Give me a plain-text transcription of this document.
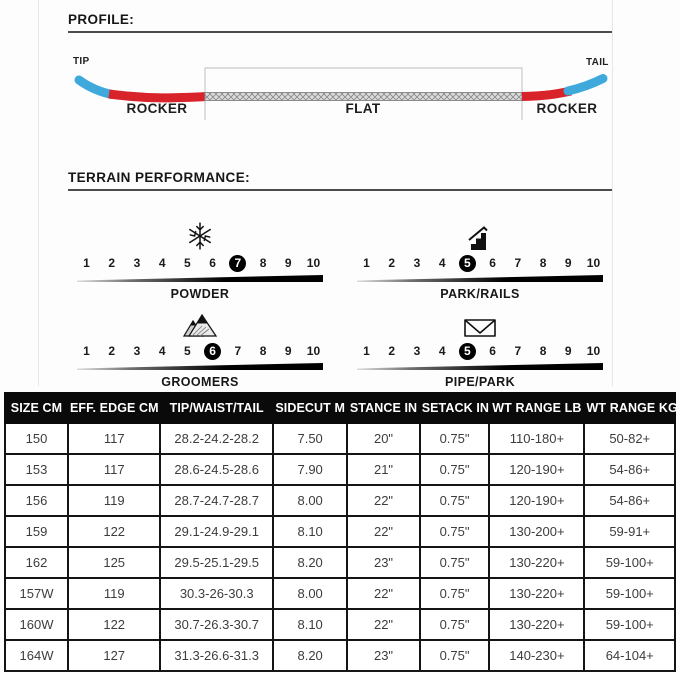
PROFILE:
TIP	TAIL
ROCKER	FLAT	ROCKER
TERRAIN PERFORMANCE:
1	2	3	4	5	6	7	8	9	10
POWDER
1	2	3	4	5	6	7	8	9	10
PARK/RAILS
1	2	3	4	5	6	7	8	9	10
GROOMERS
1	2	3	4	5	6	7	8	9	10
PIPE/PARK
SIZE CM	EFF. EDGE CM	TIP/WAIST/TAIL	SIDECUT M	STANCE IN	SETACK IN	WT RANGE LB	WT RANGE KG
150	117	28.2-24.2-28.2	7.50	20"	0.75"	110-180+	50-82+
153	117	28.6-24.5-28.6	7.90	21"	0.75"	120-190+	54-86+
156	119	28.7-24.7-28.7	8.00	22"	0.75"	120-190+	54-86+
159	122	29.1-24.9-29.1	8.10	22"	0.75"	130-200+	59-91+
162	125	29.5-25.1-29.5	8.20	23"	0.75"	130-220+	59-100+
157W	119	30.3-26-30.3	8.00	22"	0.75"	130-220+	59-100+
160W	122	30.7-26.3-30.7	8.10	22"	0.75"	130-220+	59-100+
164W	127	31.3-26.6-31.3	8.20	23"	0.75"	140-230+	64-104+
